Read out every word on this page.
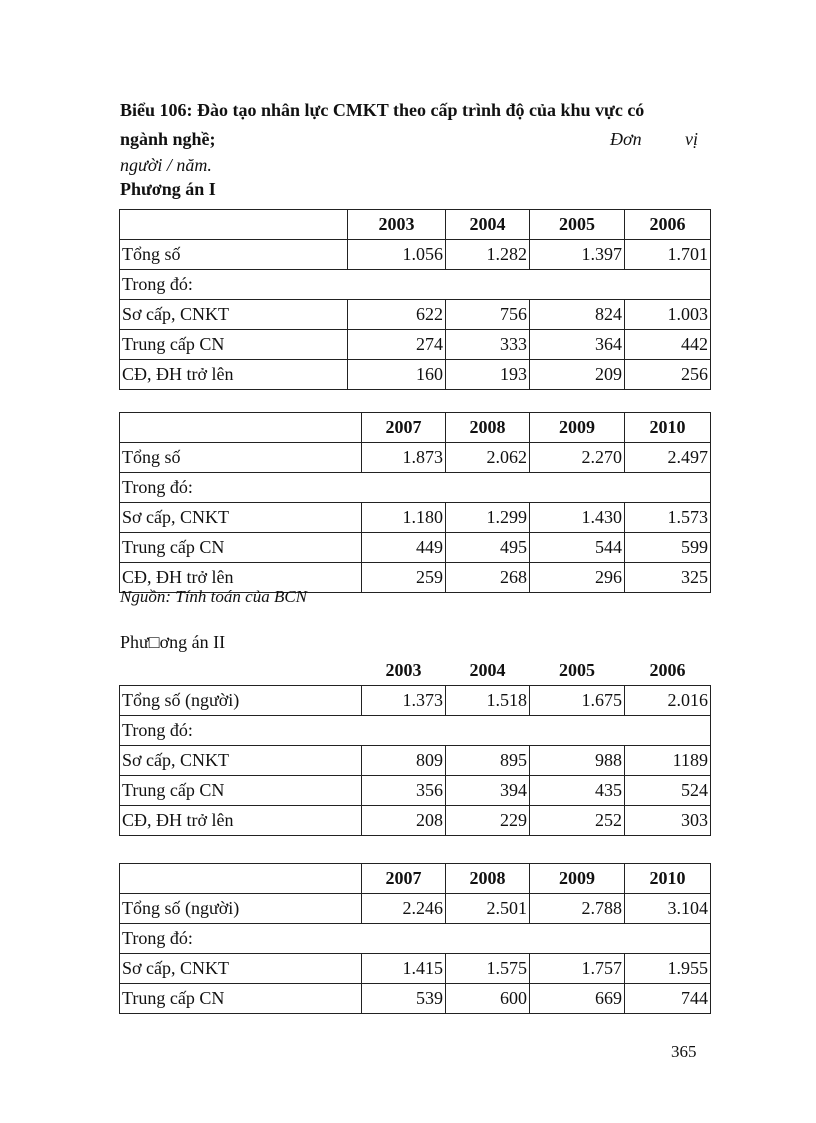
Biểu 106: Đào tạo nhân lực CMKT theo cấp trình độ của khu vực có
ngành nghề;	Đơn vị
người / năm.
Phương án I
	2003	2004	2005	2006
Tổng số	1.056	1.282	1.397	1.701
Trong đó:				
Sơ cấp, CNKT	622	756	824	1.003
Trung cấp CN	274	333	364	442
CĐ, ĐH trở lên	160	193	209	256
	2007	2008	2009	2010
Tổng số	1.873	2.062	2.270	2.497
Trong đó:				
Sơ cấp, CNKT	1.180	1.299	1.430	1.573
Trung cấp CN	449	495	544	599
CĐ, ĐH trở lên	259	268	296	325
Nguồn: Tính toán của BCN
Phư□ơng án II
	2003	2004	2005	2006
Tổng số (người)	1.373	1.518	1.675	2.016
Trong đó:				
Sơ cấp, CNKT	809	895	988	1189
Trung cấp CN	356	394	435	524
CĐ, ĐH trở lên	208	229	252	303
	2007	2008	2009	2010
Tổng số (người)	2.246	2.501	2.788	3.104
Trong đó:				
Sơ cấp, CNKT	1.415	1.575	1.757	1.955
Trung cấp CN	539	600	669	744
365
